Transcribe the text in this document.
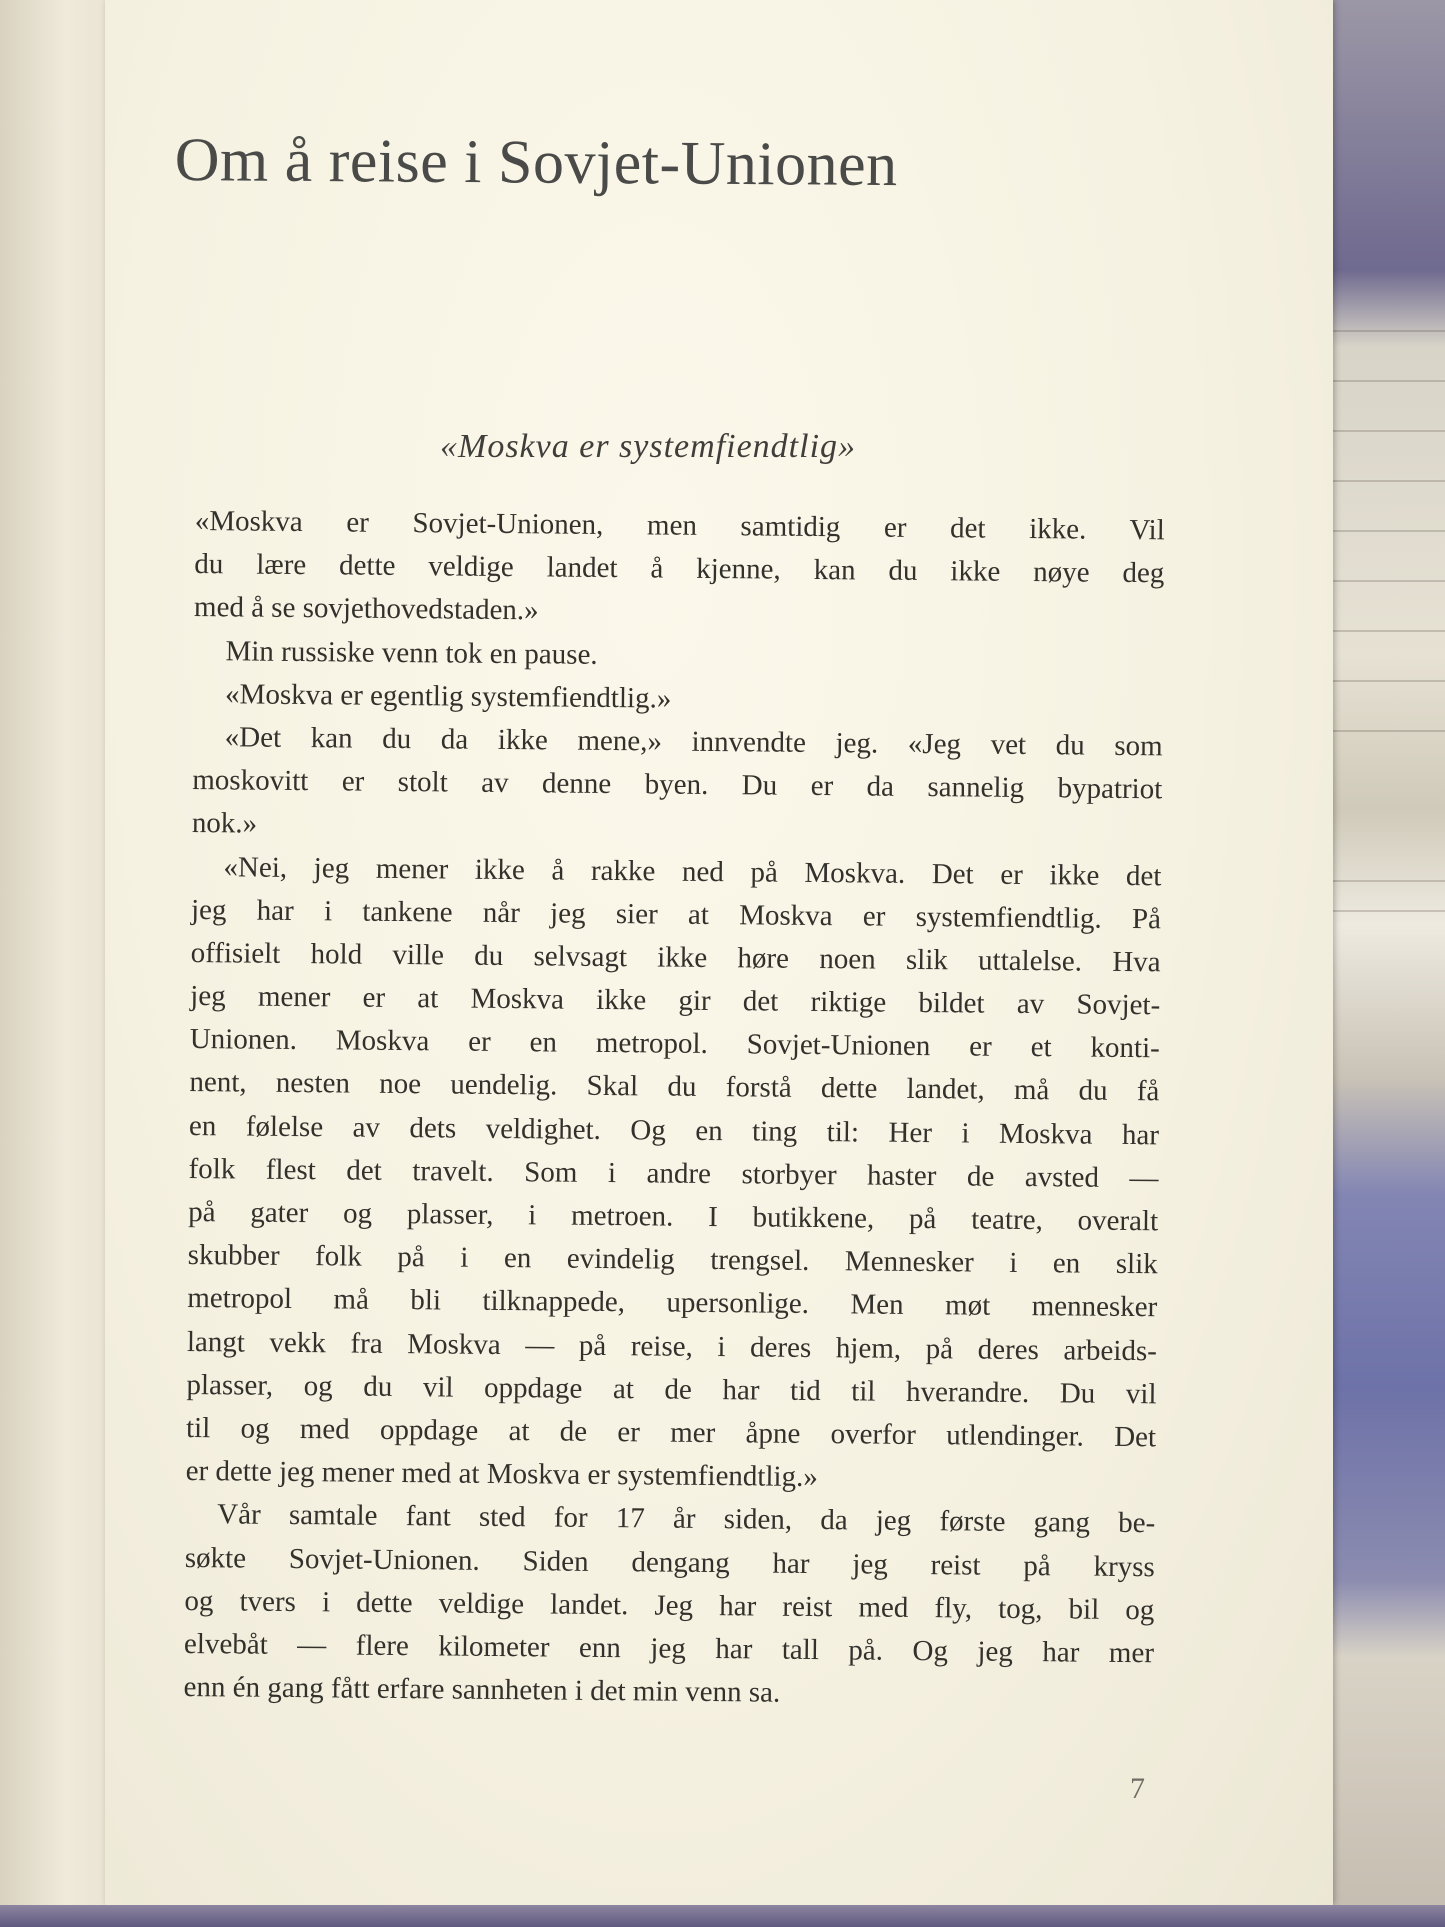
Om å reise i Sovjet-Unionen
«Moskva er systemfiendtlig»
«Moskva er Sovjet-Unionen, men samtidig er det ikke. Vil
du lære dette veldige landet å kjenne, kan du ikke nøye deg
med å se sovjethovedstaden.»
Min russiske venn tok en pause.
«Moskva er egentlig systemfiendtlig.»
«Det kan du da ikke mene,» innvendte jeg. «Jeg vet du som
moskovitt er stolt av denne byen. Du er da sannelig bypatriot
nok.»
«Nei, jeg mener ikke å rakke ned på Moskva. Det er ikke det
jeg har i tankene når jeg sier at Moskva er systemfiendtlig. På
offisielt hold ville du selvsagt ikke høre noen slik uttalelse. Hva
jeg mener er at Moskva ikke gir det riktige bildet av Sovjet-
Unionen. Moskva er en metropol. Sovjet-Unionen er et konti-
nent, nesten noe uendelig. Skal du forstå dette landet, må du få
en følelse av dets veldighet. Og en ting til: Her i Moskva har
folk flest det travelt. Som i andre storbyer haster de avsted —
på gater og plasser, i metroen. I butikkene, på teatre, overalt
skubber folk på i en evindelig trengsel. Mennesker i en slik
metropol må bli tilknappede, upersonlige. Men møt mennesker
langt vekk fra Moskva — på reise, i deres hjem, på deres arbeids-
plasser, og du vil oppdage at de har tid til hverandre. Du vil
til og med oppdage at de er mer åpne overfor utlendinger. Det
er dette jeg mener med at Moskva er systemfiendtlig.»
Vår samtale fant sted for 17 år siden, da jeg første gang be-
søkte Sovjet-Unionen. Siden dengang har jeg reist på kryss
og tvers i dette veldige landet. Jeg har reist med fly, tog, bil og
elvebåt — flere kilometer enn jeg har tall på. Og jeg har mer
enn én gang fått erfare sannheten i det min venn sa.
7
